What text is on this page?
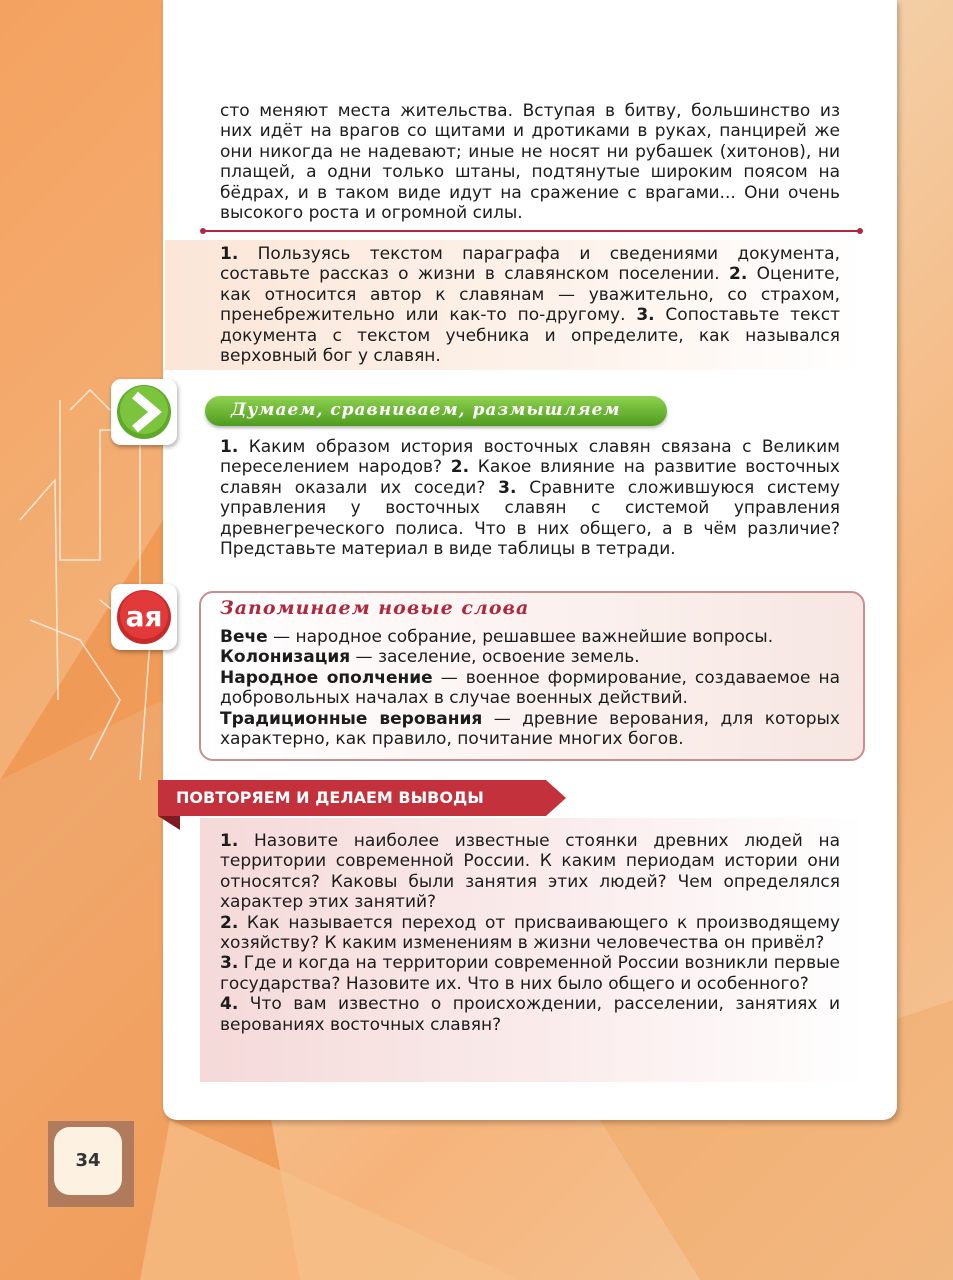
сто меняют места жительства. Вступая в битву, большинство из них идёт на врагов со щитами и дротиками в руках, панцирей же они никогда не надевают; иные не носят ни рубашек (хитонов), ни плащей, а одни только штаны, подтянутые широким поясом на бёдрах, и в таком виде идут на сражение с врагами... Они очень высокого роста и огромной силы.

1. Пользуясь текстом параграфа и сведениями документа, составьте рассказ о жизни в славянском поселении. 2. Оцените, как относится автор к славянам — уважительно, со страхом, пренебрежительно или как-то по-другому. 3. Сопоставьте текст документа с текстом учебника и определите, как назывался верховный бог у славян.

Думаем, сравниваем, размышляем

1. Каким образом история восточных славян связана с Великим переселением народов? 2. Какое влияние на развитие восточных славян оказали их соседи? 3. Сравните сложившуюся систему управления у восточных славян с системой управления древнегреческого полиса. Что в них общего, а в чём различие? Представьте материал в виде таблицы в тетради.

ая	Запоминаем новые слова

Вече — народное собрание, решавшее важнейшие вопросы.

Колонизация — заселение, освоение земель.

Народное ополчение — военное формирование, создаваемое на добровольных началах в случае военных действий.

Традиционные верования — древние верования, для которых характерно, как правило, почитание многих богов.

ПОВТОРЯЕМ И ДЕЛАЕМ ВЫВОДЫ

1. Назовите наиболее известные стоянки древних людей на территории современной России. К каким периодам истории они относятся? Каковы были занятия этих людей? Чем определялся характер этих занятий?

2. Как называется переход от присваивающего к производящему хозяйству? К каким изменениям в жизни человечества он привёл?

3. Где и когда на территории современной России возникли первые государства? Назовите их. Что в них было общего и особенного?

4. Что вам известно о происхождении, расселении, занятиях и верованиях восточных славян?

34
